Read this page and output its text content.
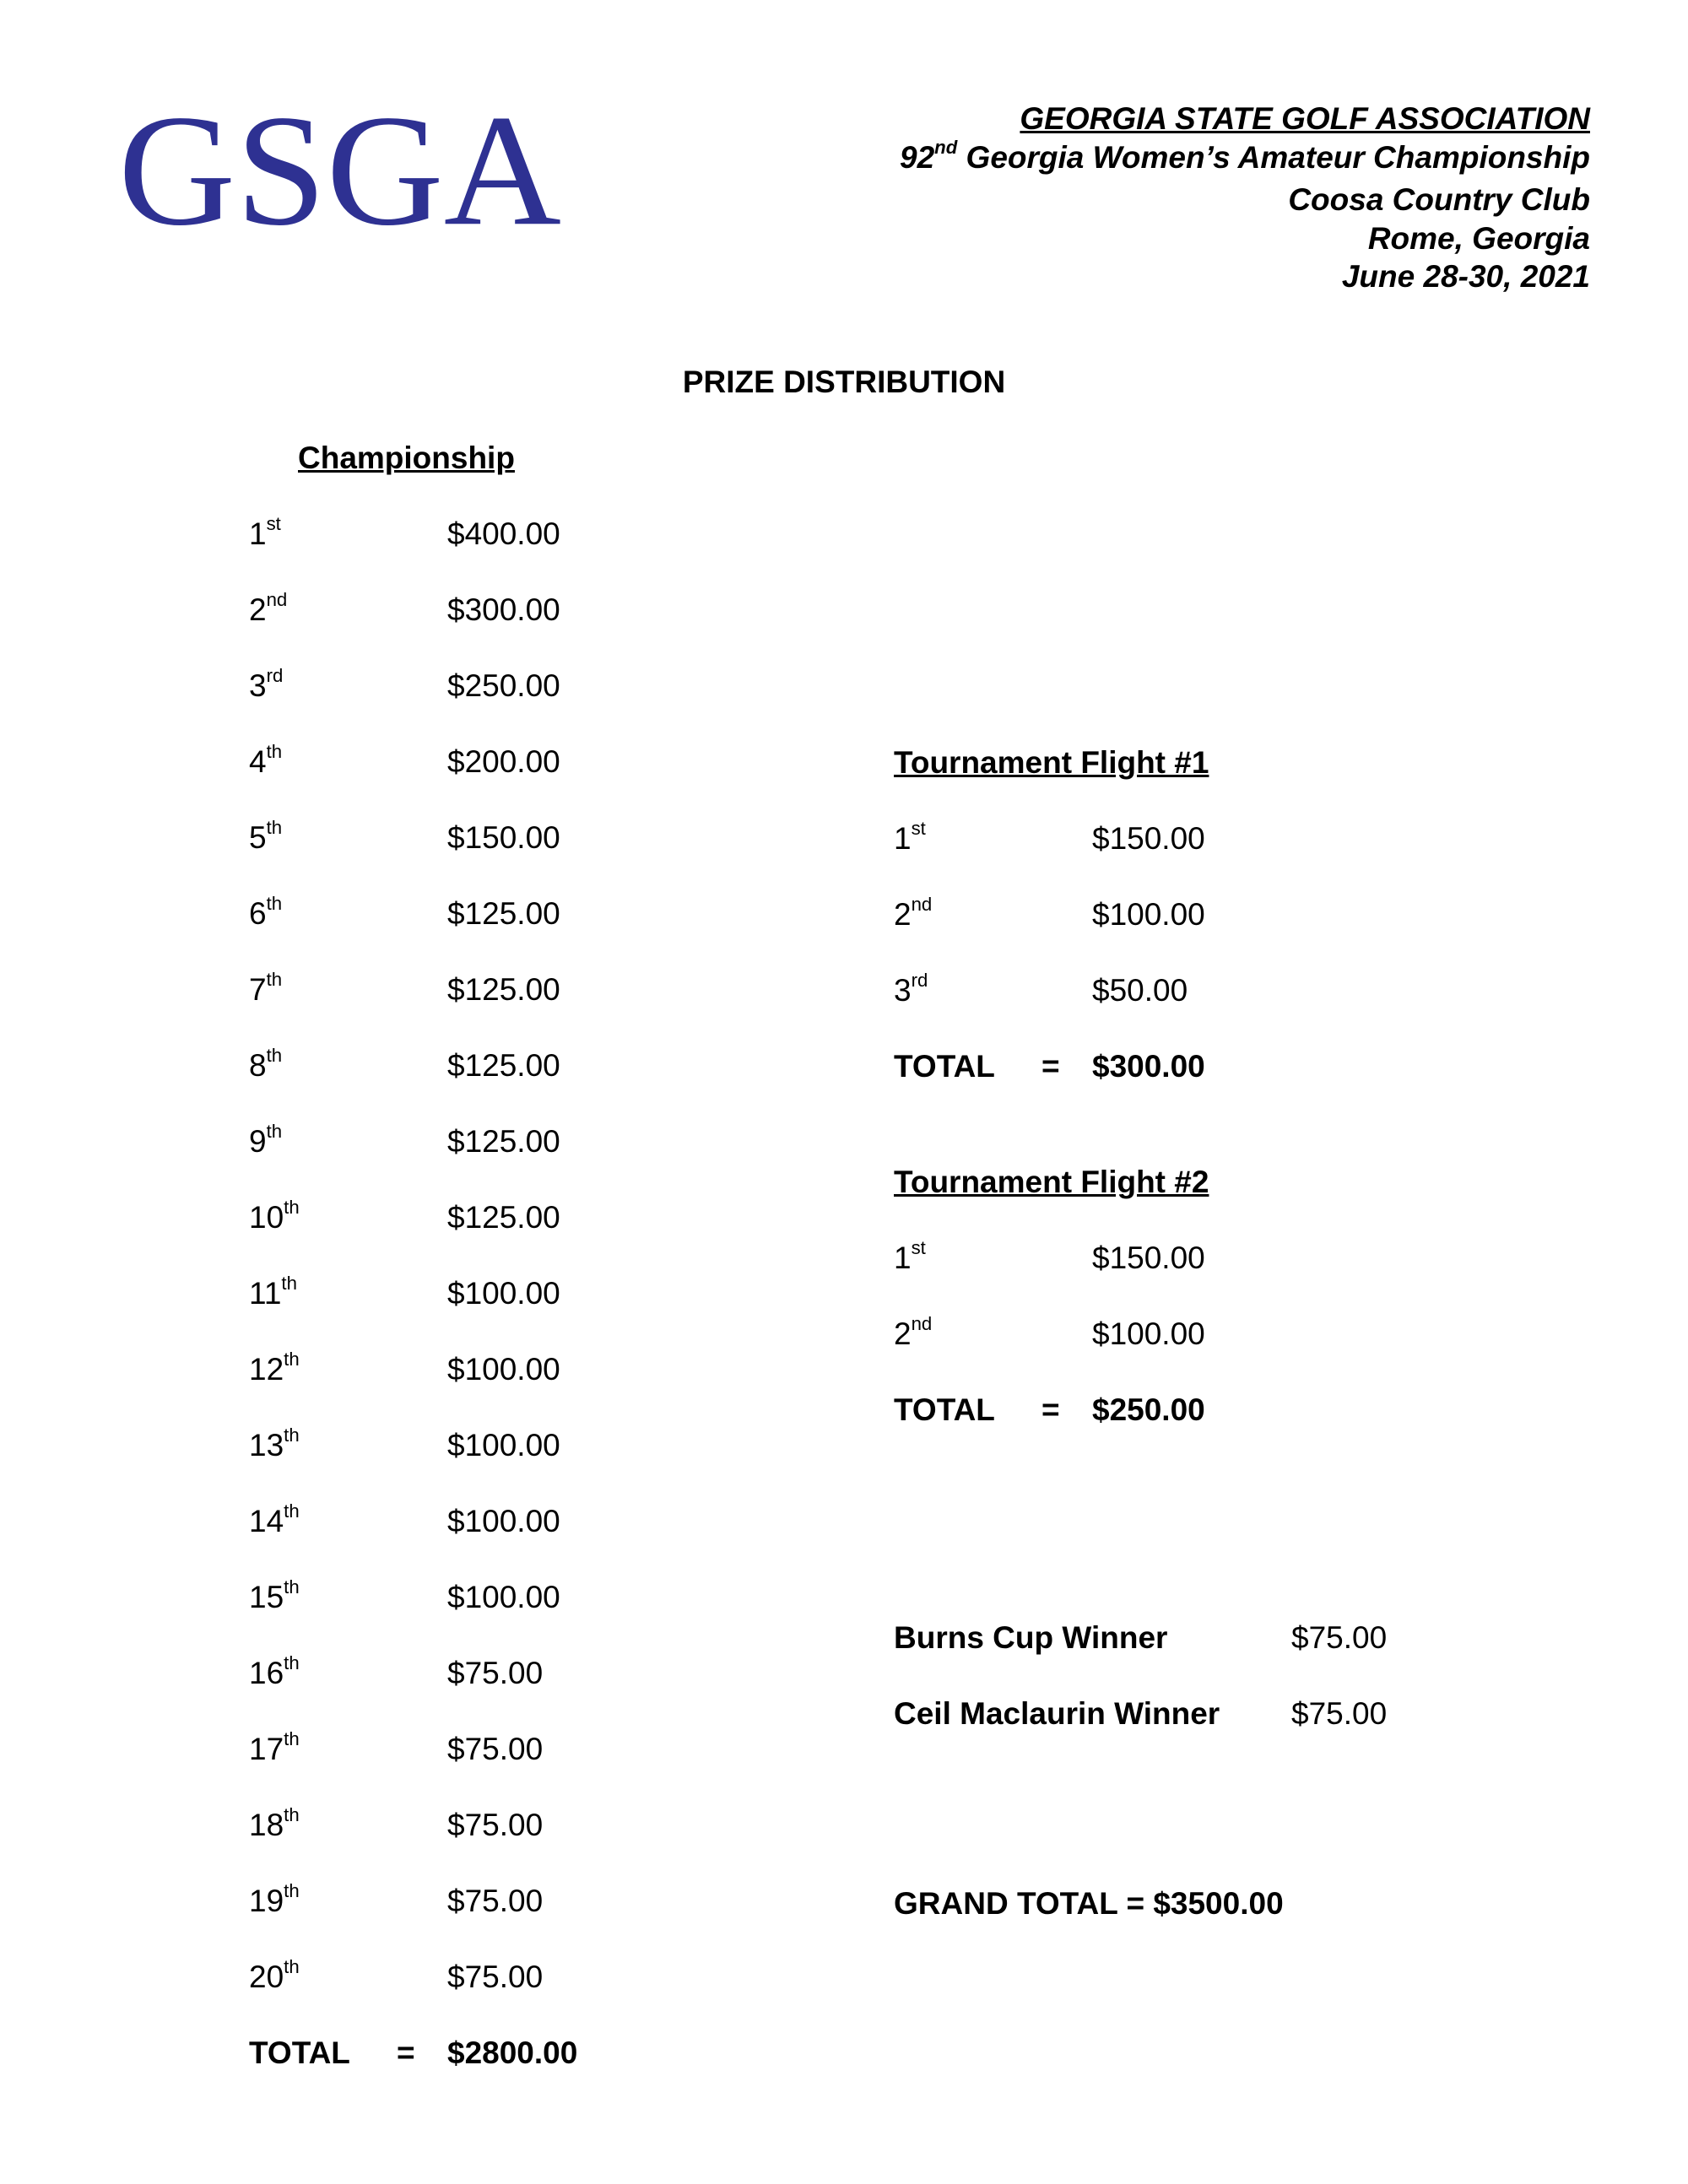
GSGA	GEORGIA STATE GOLF ASSOCIATION
92nd Georgia Women’s Amateur Championship
Coosa Country Club
Rome, Georgia
June 28-30, 2021
PRIZE DISTRIBUTION
Championship
1st	$400.00
2nd	$300.00
3rd	$250.00
4th	$200.00
5th	$150.00
6th	$125.00
7th	$125.00
8th	$125.00
9th	$125.00
10th	$125.00
11th	$100.00
12th	$100.00
13th	$100.00
14th	$100.00
15th	$100.00
16th	$75.00
17th	$75.00
18th	$75.00
19th	$75.00
20th	$75.00
TOTAL = $2800.00
Tournament Flight #1
1st	$150.00
2nd	$100.00
3rd	$50.00
TOTAL = $300.00
Tournament Flight #2
1st	$150.00
2nd	$100.00
TOTAL = $250.00
Burns Cup Winner	$75.00
Ceil Maclaurin Winner $75.00
GRAND TOTAL = $3500.00
